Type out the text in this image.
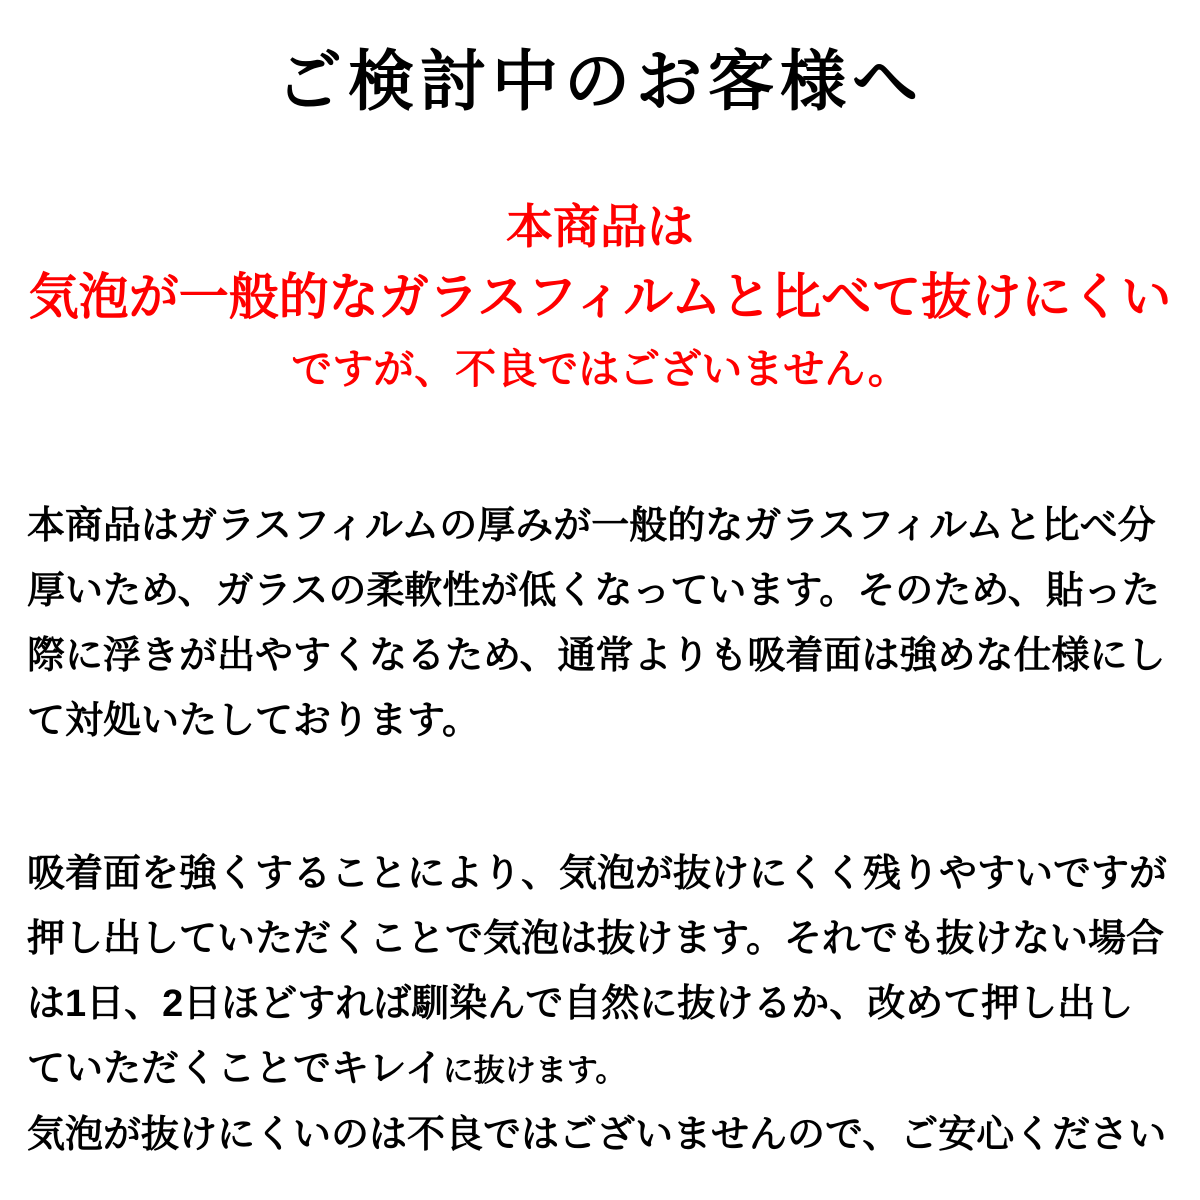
ご検討中のお客様へ
本商品は
気泡が一般的なガラスフィルムと比べて抜けにくい
ですが、不良ではございません。
本商品はガラスフィルムの厚みが一般的なガラスフィルムと比べ分
厚いため、ガラスの柔軟性が低くなっています。そのため、貼った
際に浮きが出やすくなるため、通常よりも吸着面は強めな仕様にし
て対処いたしております。
吸着面を強くすることにより、気泡が抜けにくく残りやすいですが
押し出していただくことで気泡は抜けます。それでも抜けない場合
は1日、2日ほどすれば馴染んで自然に抜けるか、改めて押し出し
ていただくことでキレイに抜けます。
気泡が抜けにくいのは不良ではございませんので、ご安心ください
